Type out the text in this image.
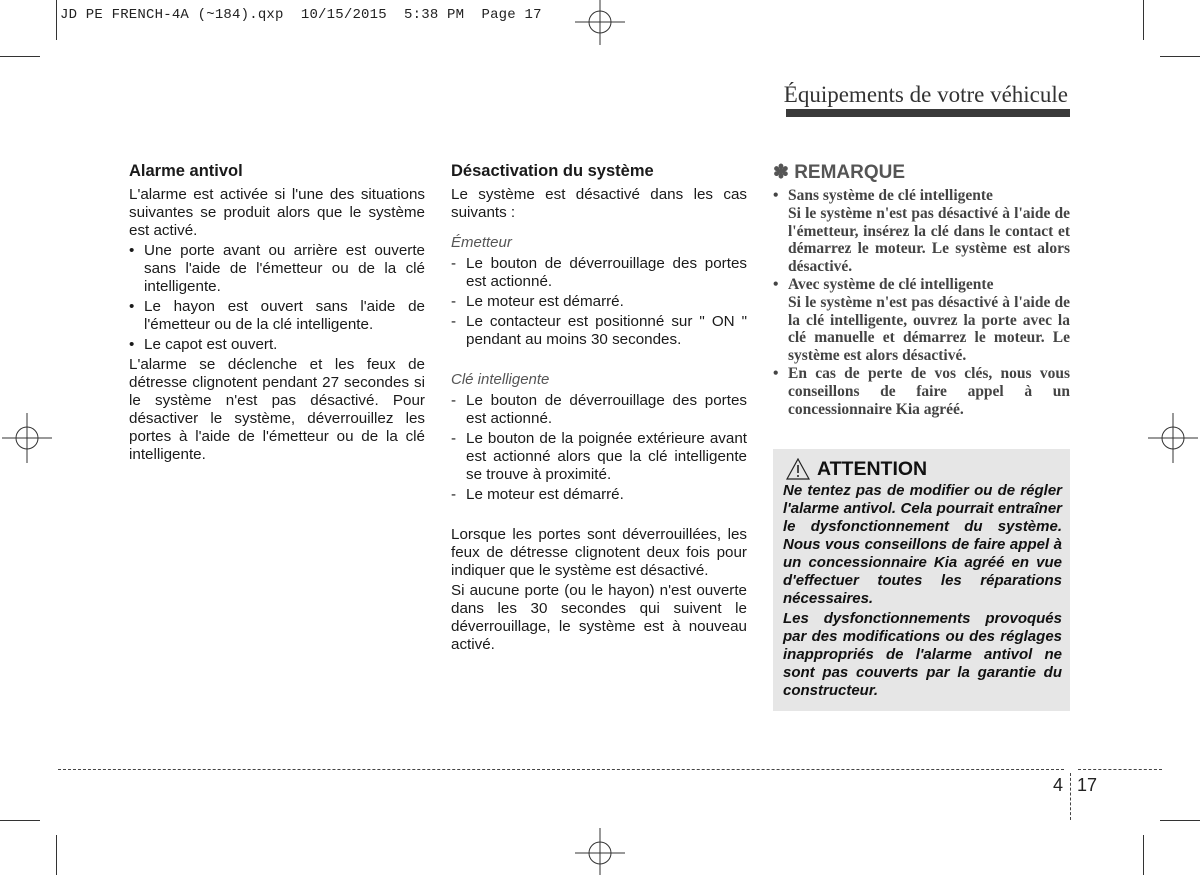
JD PE FRENCH-4A (~184).qxp  10/15/2015  5:38 PM  Page 17
Équipements de votre véhicule
Alarme antivol

L'alarme est activée si l'une des situations suivantes se produit alors que le système est activé.

• Une porte avant ou arrière est ouverte sans l'aide de l'émetteur ou de la clé intelligente.

• Le hayon est ouvert sans l'aide de l'émetteur ou de la clé intelligente.

• Le capot est ouvert.

L'alarme se déclenche et les feux de détresse clignotent pendant 27 secondes si le système n'est pas désactivé. Pour désactiver le système, déverrouillez les portes à l'aide de l'émetteur ou de la clé intelligente.

Désactivation du système

Le système est désactivé dans les cas suivants :

Émetteur

- Le bouton de déverrouillage des portes est actionné.

- Le moteur est démarré.

- Le contacteur est positionné sur " ON " pendant au moins 30 secondes.

Clé intelligente

- Le bouton de déverrouillage des portes est actionné.

- Le bouton de la poignée extérieure avant est actionné alors que la clé intelligente se trouve à proximité.

- Le moteur est démarré.

Lorsque les portes sont déverrouillées, les feux de détresse clignotent deux fois pour indiquer que le système est désactivé.

Si aucune porte (ou le hayon) n'est ouverte dans les 30 secondes qui suivent le déverrouillage, le système est à nouveau activé.

✽ REMARQUE
• Sans système de clé intelligente
Si le système n'est pas désactivé à l'aide de l'émetteur, insérez la clé dans le contact et démarrez le moteur. Le système est alors désactivé.
• Avec système de clé intelligente
Si le système n'est pas désactivé à l'aide de la clé intelligente, ouvrez la porte avec la clé manuelle et démarrez le moteur. Le système est alors désactivé.
• En cas de perte de vos clés, nous vous conseillons de faire appel à un concessionnaire Kia agréé.
ATTENTION

Ne tentez pas de modifier ou de régler l'alarme antivol. Cela pourrait entraîner le dysfonctionnement du système. Nous vous conseillons de faire appel à un concessionnaire Kia agréé en vue d'effectuer toutes les réparations nécessaires.

Les dysfonctionnements provoqués par des modifications ou des réglages inappropriés de l'alarme antivol ne sont pas couverts par la garantie du constructeur.

4 17
